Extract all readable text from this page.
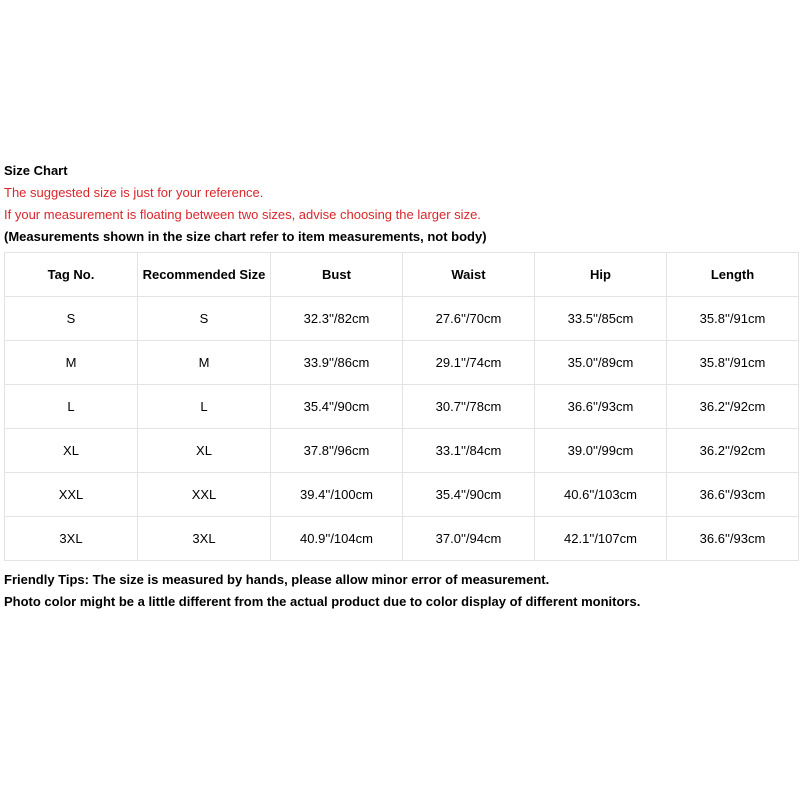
Size Chart
The suggested size is just for your reference.
If your measurement is floating between two sizes, advise choosing the larger size.
(Measurements shown in the size chart refer to item measurements, not body)
Tag No.	Recommended Size	Bust	Waist	Hip	Length
S	S	32.3''/82cm	27.6''/70cm	33.5''/85cm	35.8''/91cm
M	M	33.9''/86cm	29.1''/74cm	35.0''/89cm	35.8''/91cm
L	L	35.4''/90cm	30.7''/78cm	36.6''/93cm	36.2''/92cm
XL	XL	37.8''/96cm	33.1''/84cm	39.0''/99cm	36.2''/92cm
XXL	XXL	39.4''/100cm	35.4''/90cm	40.6''/103cm	36.6''/93cm
3XL	3XL	40.9''/104cm	37.0''/94cm	42.1''/107cm	36.6''/93cm
Friendly Tips: The size is measured by hands, please allow minor error of measurement.
Photo color might be a little different from the actual product due to color display of different monitors.
